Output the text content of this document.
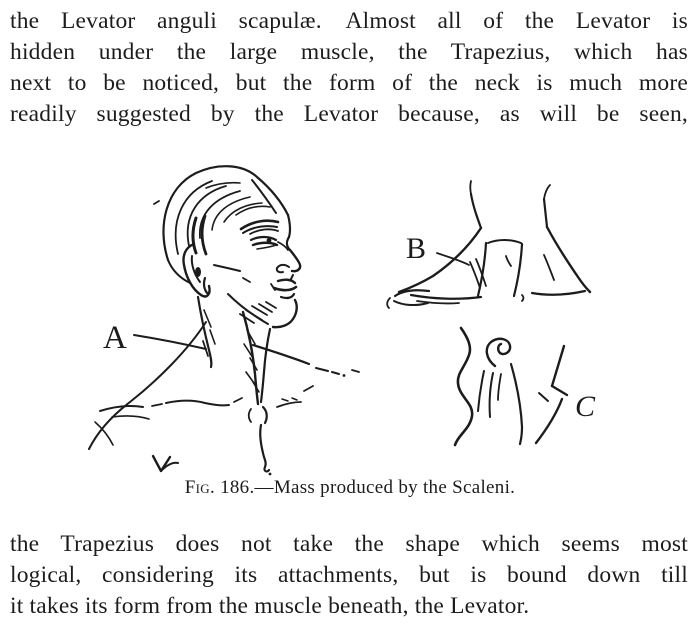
the Levator anguli scapulæ. Almost all of the Levator is
hidden under the large muscle, the Trapezius, which has
next to be noticed, but the form of the neck is much more
readily suggested by the Levator because, as will be seen,
A
B
C
Fig. 186.—Mass produced by the Scaleni.
the Trapezius does not take the shape which seems most
logical, considering its attachments, but is bound down till
it takes its form from the muscle beneath, the Levator.
